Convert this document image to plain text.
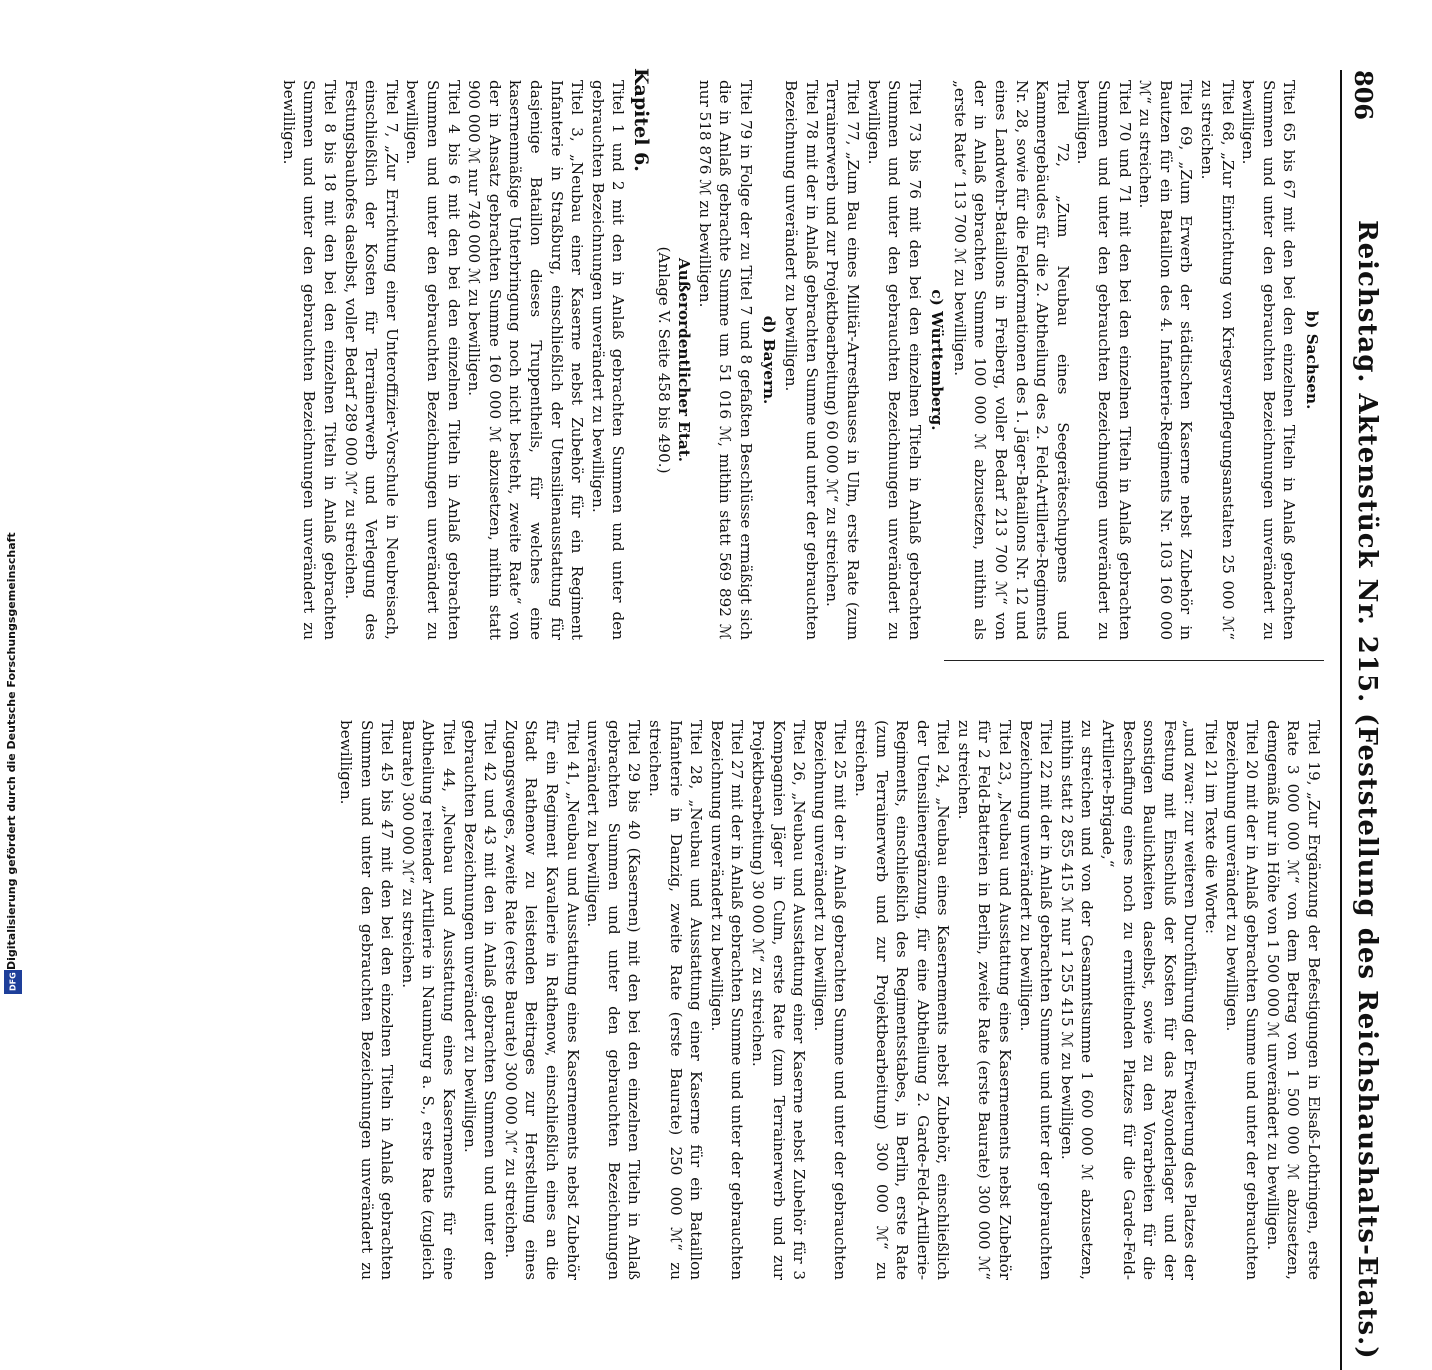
806
Reichstag. Aktenstück Nr. 215. (Feststellung des Reichshaushalts-Etats.)

b) Sachsen.

Titel 65 bis 67 mit den bei den einzelnen Titeln in Anlaß gebrachten Summen und unter den gebrauchten Bezeichnungen unverändert zu bewilligen.

Titel 68, „Zur Einrichtung von Kriegsverpflegungsanstalten 25 000 ℳ“ zu streichen.

Titel 69, „Zum Erwerb der städtischen Kaserne nebst Zubehör in Bautzen für ein Bataillon des 4. Infanterie-Regiments Nr. 103 160 000 ℳ“ zu streichen.

Titel 70 und 71 mit den bei den einzelnen Titeln in Anlaß gebrachten Summen und unter den gebrauchten Bezeichnungen unverändert zu bewilligen.

Titel 72, „Zum Neubau eines Seegeräteschuppens und Kammergebäudes für die 2. Abtheilung des 2. Feld-Artillerie-Regiments Nr. 28, sowie für die Feldformationen des 1. Jäger-Bataillons Nr. 12 und eines Landwehr-Bataillons in Freiberg, voller Bedarf 213 700 ℳ“ von der in Anlaß gebrachten Summe 100 000 ℳ abzusetzen, mithin als „erste Rate“ 113 700 ℳ zu bewilligen.

c) Württemberg.

Titel 73 bis 76 mit den bei den einzelnen Titeln in Anlaß gebrachten Summen und unter den gebrauchten Bezeichnungen unverändert zu bewilligen.

Titel 77, „Zum Bau eines Militär-Arresthauses in Ulm, erste Rate (zum Terrainerwerb und zur Projektbearbeitung) 60 000 ℳ“ zu streichen.

Titel 78 mit der in Anlaß gebrachten Summe und unter der gebrauchten Bezeichnung unverändert zu bewilligen.

d) Bayern.

Titel 79 in Folge der zu Titel 7 und 8 gefaßten Beschlüsse ermäßigt sich die in Anlaß gebrachte Summe um 51 016 ℳ, mithin statt 569 892 ℳ nur 518 876 ℳ zu bewilligen.

Außerordentlicher Etat.

(Anlage V. Seite 458 bis 490.)

Kapitel 6.

Titel 1 und 2 mit den in Anlaß gebrachten Summen und unter den gebrauchten Bezeichnungen unverändert zu bewilligen.

Titel 3, „Neubau einer Kaserne nebst Zubehör für ein Regiment Infanterie in Straßburg, einschließlich der Utensilienausstattung für dasjenige Bataillon dieses Truppentheils, für welches eine kasernenmäßige Unterbringung noch nicht besteht, zweite Rate“ von der in Ansatz gebrachten Summe 160 000 ℳ abzusetzen, mithin statt 900 000 ℳ nur 740 000 ℳ zu bewilligen.

Titel 4 bis 6 mit den bei den einzelnen Titeln in Anlaß gebrachten Summen und unter den gebrauchten Bezeichnungen unverändert zu bewilligen.

Titel 7, „Zur Errichtung einer Unteroffizier-Vorschule in Neubreisach, einschließlich der Kosten für Terrainerwerb und Verlegung des Festungsbauhofes daselbst, voller Bedarf 289 000 ℳ“ zu streichen.

Titel 8 bis 18 mit den bei den einzelnen Titeln in Anlaß gebrachten Summen und unter den gebrauchten Bezeichnungen unverändert zu bewilligen.

Titel 19, „Zur Ergänzung der Befestigungen in Elsaß-Lothringen, erste Rate 3 000 000 ℳ“ von dem Betrag von 1 500 000 ℳ abzusetzen, demgemäß nur in Höhe von 1 500 000 ℳ unverändert zu bewilligen.

Titel 20 mit der in Anlaß gebrachten Summe und unter der gebrauchten Bezeichnung unverändert zu bewilligen.

Titel 21 im Texte die Worte:

„und zwar: zur weiteren Durchführung der Erweiterung des Platzes der Festung mit Einschluß der Kosten für das Rayonderlager und der sonstigen Baulichkeiten daselbst, sowie zu den Vorarbeiten für die Beschaffung eines noch zu ermittelnden Platzes für die Garde-Feld-Artillerie-Brigade,“

zu streichen und von der Gesammtsumme 1 600 000 ℳ abzusetzen, mithin statt 2 855 415 ℳ nur 1 255 415 ℳ zu bewilligen.

Titel 22 mit der in Anlaß gebrachten Summe und unter der gebrauchten Bezeichnung unverändert zu bewilligen.

Titel 23, „Neubau und Ausstattung eines Kasernements nebst Zubehör für 2 Feld-Batterien in Berlin, zweite Rate (erste Baurate) 300 000 ℳ“ zu streichen.

Titel 24, „Neubau eines Kasernements nebst Zubehör, einschließlich der Utensilienergänzung, für eine Abtheilung 2. Garde-Feld-Artillerie-Regiments, einschließlich des Regimentsstabes, in Berlin, erste Rate (zum Terrainerwerb und zur Projektbearbeitung) 300 000 ℳ“ zu streichen.

Titel 25 mit der in Anlaß gebrachten Summe und unter der gebrauchten Bezeichnung unverändert zu bewilligen.

Titel 26, „Neubau und Ausstattung einer Kaserne nebst Zubehör für 3 Kompagnien Jäger in Culm, erste Rate (zum Terrainerwerb und zur Projektbearbeitung) 30 000 ℳ“ zu streichen.

Titel 27 mit der in Anlaß gebrachten Summe und unter der gebrauchten Bezeichnung unverändert zu bewilligen.

Titel 28, „Neubau und Ausstattung einer Kaserne für ein Bataillon Infanterie in Danzig, zweite Rate (erste Baurate) 250 000 ℳ“ zu streichen.

Titel 29 bis 40 (Kasernen) mit den bei den einzelnen Titeln in Anlaß gebrachten Summen und unter den gebrauchten Bezeichnungen unverändert zu bewilligen.

Titel 41, „Neubau und Ausstattung eines Kasernements nebst Zubehör für ein Regiment Kavallerie in Rathenow, einschließlich eines an die Stadt Rathenow zu leistenden Beitrages zur Herstellung eines Zugangsweges, zweite Rate (erste Baurate) 300 000 ℳ“ zu streichen.

Titel 42 und 43 mit den in Anlaß gebrachten Summen und unter den gebrauchten Bezeichnungen unverändert zu bewilligen.

Titel 44, „Neubau und Ausstattung eines Kasernements für eine Abtheilung reitender Artillerie in Naumburg a. S., erste Rate (zugleich Baurate) 300 000 ℳ“ zu streichen.

Titel 45 bis 47 mit den bei den einzelnen Titeln in Anlaß gebrachten Summen und unter den gebrauchten Bezeichnungen unverändert zu bewilligen.

Digitalisierung gefördert durch die Deutsche Forschungsgemeinschaft
DFG
